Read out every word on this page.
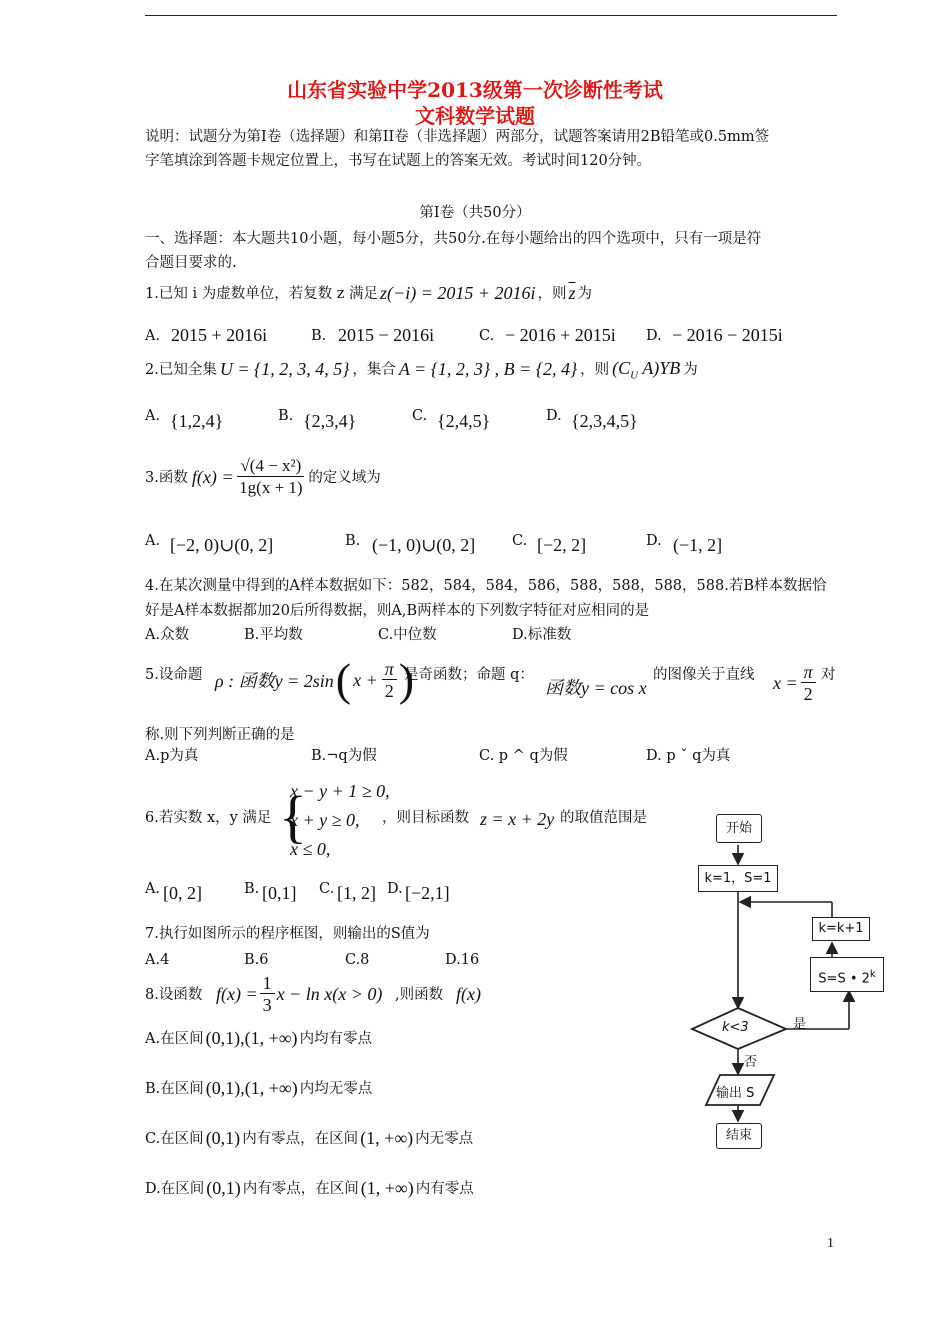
山东省实验中学2013级第一次诊断性考试
文科数学试题
说明：试题分为第Ⅰ卷（选择题）和第II卷（非选择题）两部分，试题答案请用2B铅笔或0.5mm签
字笔填涂到答题卡规定位置上，书写在试题上的答案无效。考试时间120分钟。
第Ⅰ卷（共50分）
一、选择题：本大题共10小题，每小题5分，共50分.在每小题给出的四个选项中，只有一项是符
合题目要求的.
1.已知 i 为虚数单位，若复数 z 满足 z(−i) = 2015 + 2016i ，则 $\overline{z}$ 为
A. 2015 + 2016i	B. 2015 − 2016i	C. − 2016 + 2015i D. − 2016 − 2015i
2.已知全集 U = {1, 2, 3, 4, 5} ，集合 A = {1, 2, 3} , B = {2, 4} ，则 ($C_U$ A)YB 为
A. {1,2,4}	B. {2,3,4}	C. {2,4,5}	D. {2,3,4,5}
3.函数 $f(x) = \frac{\text{√(4 − x²)}}{1g(x + 1)}$ 的定义域为
A. [−2, 0)∪(0, 2]	B. (−1, 0)∪(0, 2]	C. [−2, 2]	D. (−1, 2]
4.在某次测量中得到的A样本数据如下：582，584，584，586，588，588，588，588.若B样本数据恰
好是A样本数据都加20后所得数据，则A,B两样本的下列数字特征对应相同的是
A.众数	B.平均数	C.中位数	D.标准数
5.设命题 ρ : 函数y = 2sin ( $x + \frac{\pi}{2}$ )
是奇函数；命题 q：
函数y = cos x
的图像关于直线 $x = \frac{\pi}{2}$ 对
称.则下列判断正确的是
A.p为真	B.¬q为假	C. p ^ q为假	D. p ˇ q为真
6.若实数 x，y 满足 {
x − y + 1 ≥ 0,
x + y ≥ 0,
x ≤ 0,
，则目标函数 z = x + 2y 的取值范围是
A. [0, 2]	B. [0,1] C. [1, 2] D. [−2,1]
7.执行如图所示的程序框图，则输出的S值为
A.4	B.6	C.8	D.16
8.设函数 $f(x) = \frac{1}{3}$ x − ln x(x > 0) ,则函数 f(x)
A.在区间 (0,1),(1, +∞) 内均有零点
B.在区间 (0,1),(1, +∞) 内均无零点
C.在区间 (0,1) 内有零点，在区间 (1, +∞) 内无零点
D.在区间 (0,1) 内有零点，在区间 (1, +∞) 内有零点
开始
k=1，S=1
k=k+1
S=S • 2$^k$
k<3	是
否
输出 S
结束
1
